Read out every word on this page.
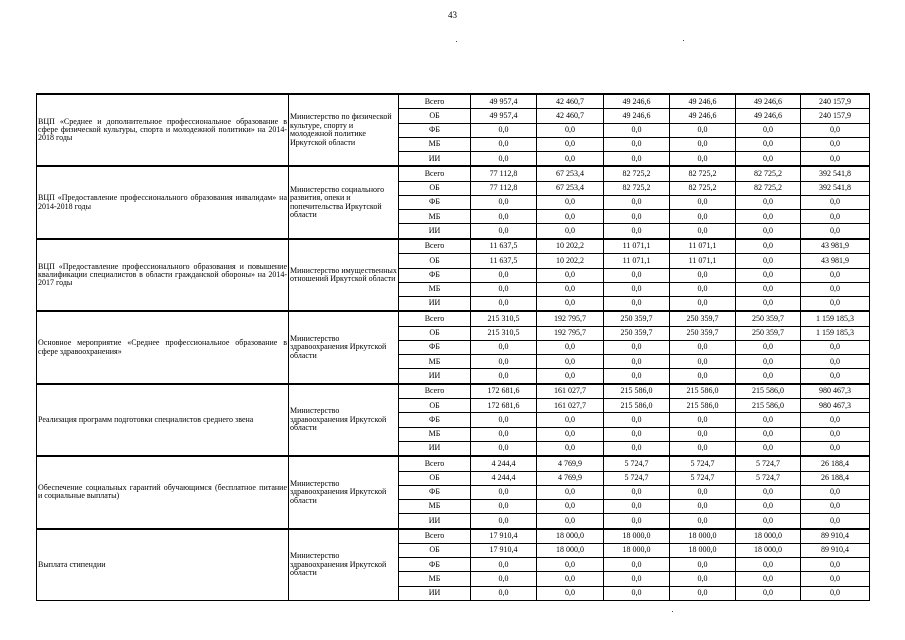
43
ВЦП «Среднее и дополнительное профессиональное образование в сфере физической культуры, спорта и молодежной политики» на 2014-2018 годы	Министерство по физической культуре, спорту и молодежной политике Иркутской области	Всего	49 957,4	42 460,7	49 246,6	49 246,6	49 246,6	240 157,9
		ОБ	49 957,4	42 460,7	49 246,6	49 246,6	49 246,6	240 157,9
		ФБ	0,0	0,0	0,0	0,0	0,0	0,0
		МБ	0,0	0,0	0,0	0,0	0,0	0,0
		ИИ	0,0	0,0	0,0	0,0	0,0	0,0
ВЦП «Предоставление профессионального образования инвалидам» на 2014-2018 годы	Министерство социального развития, опеки и попечительства Иркутской области	Всего	77 112,8	67 253,4	82 725,2	82 725,2	82 725,2	392 541,8
		ОБ	77 112,8	67 253,4	82 725,2	82 725,2	82 725,2	392 541,8
		ФБ	0,0	0,0	0,0	0,0	0,0	0,0
		МБ	0,0	0,0	0,0	0,0	0,0	0,0
		ИИ	0,0	0,0	0,0	0,0	0,0	0,0
ВЦП «Предоставление профессионального образования и повышение квалификации специалистов в области гражданской обороны» на 2014-2017 годы	Министерство имущественных отношений Иркутской области	Всего	11 637,5	10 202,2	11 071,1	11 071,1	0,0	43 981,9
		ОБ	11 637,5	10 202,2	11 071,1	11 071,1	0,0	43 981,9
		ФБ	0,0	0,0	0,0	0,0	0,0	0,0
		МБ	0,0	0,0	0,0	0,0	0,0	0,0
		ИИ	0,0	0,0	0,0	0,0	0,0	0,0
Основное мероприятие «Среднее профессиональное образование в сфере здравоохранения»	Министерство здравоохранения Иркутской области	Всего	215 310,5	192 795,7	250 359,7	250 359,7	250 359,7	1 159 185,3
		ОБ	215 310,5	192 795,7	250 359,7	250 359,7	250 359,7	1 159 185,3
		ФБ	0,0	0,0	0,0	0,0	0,0	0,0
		МБ	0,0	0,0	0,0	0,0	0,0	0,0
		ИИ	0,0	0,0	0,0	0,0	0,0	0,0
Реализация программ подготовки специалистов среднего звена	Министерство здравоохранения Иркутской области	Всего	172 681,6	161 027,7	215 586,0	215 586,0	215 586,0	980 467,3
		ОБ	172 681,6	161 027,7	215 586,0	215 586,0	215 586,0	980 467,3
		ФБ	0,0	0,0	0,0	0,0	0,0	0,0
		МБ	0,0	0,0	0,0	0,0	0,0	0,0
		ИИ	0,0	0,0	0,0	0,0	0,0	0,0
Обеспечение социальных гарантий обучающимся (бесплатное питание и социальные выплаты)	Министерство здравоохранения Иркутской области	Всего	4 244,4	4 769,9	5 724,7	5 724,7	5 724,7	26 188,4
		ОБ	4 244,4	4 769,9	5 724,7	5 724,7	5 724,7	26 188,4
		ФБ	0,0	0,0	0,0	0,0	0,0	0,0
		МБ	0,0	0,0	0,0	0,0	0,0	0,0
		ИИ	0,0	0,0	0,0	0,0	0,0	0,0
Выплата стипендии	Министерство здравоохранения Иркутской области	Всего	17 910,4	18 000,0	18 000,0	18 000,0	18 000,0	89 910,4
		ОБ	17 910,4	18 000,0	18 000,0	18 000,0	18 000,0	89 910,4
		ФБ	0,0	0,0	0,0	0,0	0,0	0,0
		МБ	0,0	0,0	0,0	0,0	0,0	0,0
		ИИ	0,0	0,0	0,0	0,0	0,0	0,0
